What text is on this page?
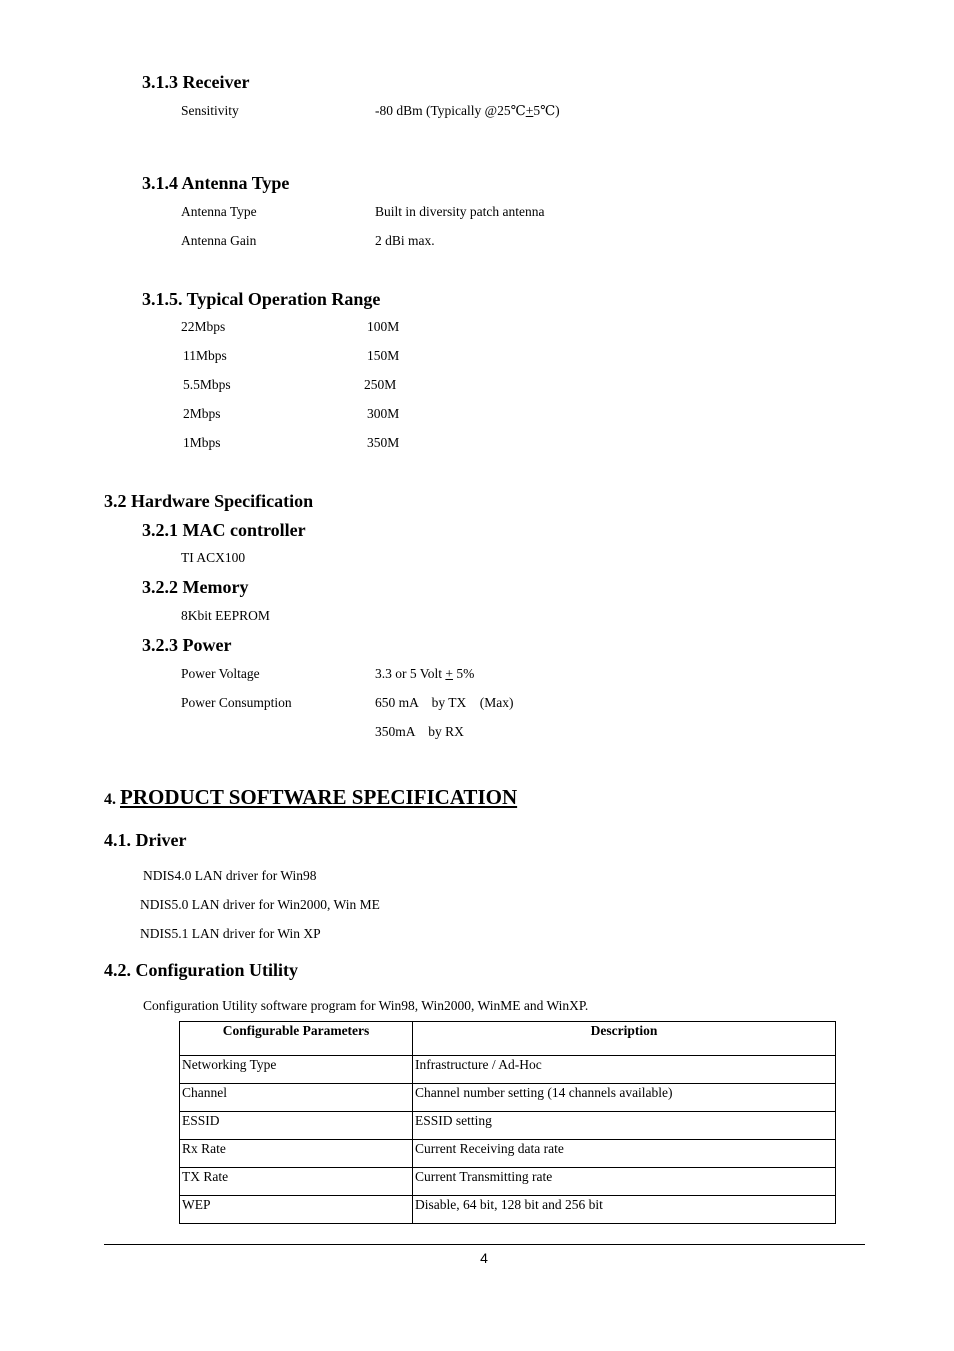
3.1.3 Receiver
Sensitivity	-80 dBm (Typically @25℃+5℃)
3.1.4 Antenna Type
Antenna Type	Built in diversity patch antenna
Antenna Gain	2 dBi max.
3.1.5. Typical Operation Range
22Mbps	100M
11Mbps	150M
5.5Mbps	250M
2Mbps	300M
1Mbps	350M
3.2 Hardware Specification
3.2.1 MAC controller
TI ACX100
3.2.2 Memory
8Kbit EEPROM
3.2.3 Power
Power Voltage	3.3 or 5 Volt + 5%
Power Consumption	650 mA    by TX    (Max)
350mA    by RX
4. PRODUCT SOFTWARE SPECIFICATION
4.1. Driver
NDIS4.0 LAN driver for Win98
NDIS5.0 LAN driver for Win2000, Win ME
NDIS5.1 LAN driver for Win XP
4.2. Configuration Utility
Configuration Utility software program for Win98, Win2000, WinME and WinXP.
Configurable Parameters	Description
Networking Type	Infrastructure / Ad-Hoc
Channel	Channel number setting (14 channels available)
ESSID	ESSID setting
Rx Rate	Current Receiving data rate
TX Rate	Current Transmitting rate
WEP	Disable, 64 bit, 128 bit and 256 bit
4
